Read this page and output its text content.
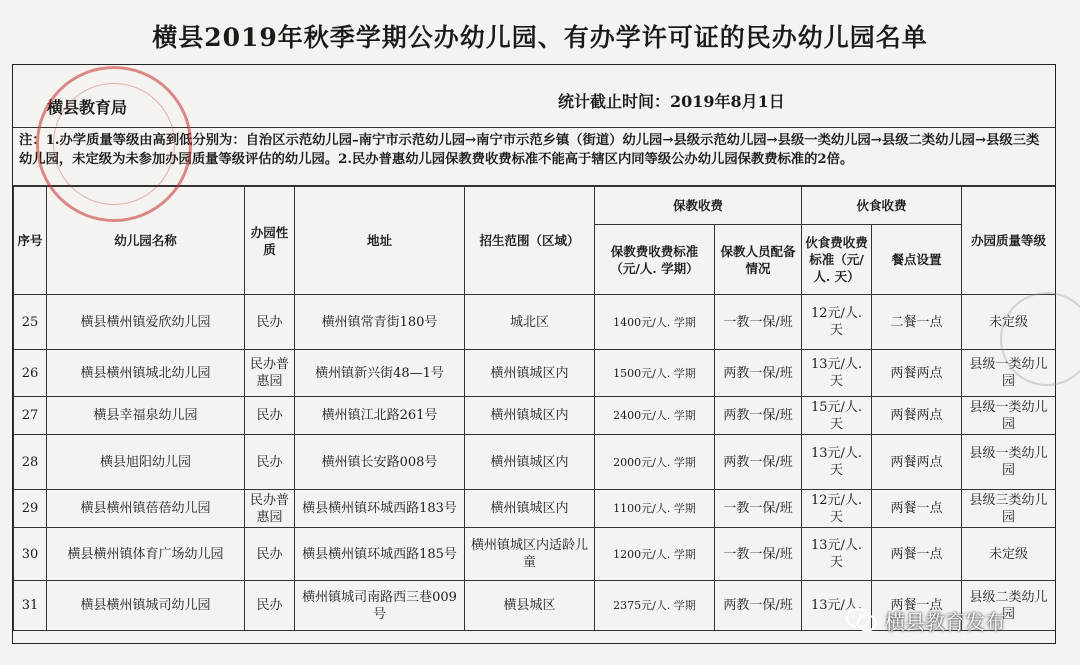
横县2019年秋季学期公办幼儿园、有办学许可证的民办幼儿园名单
横县教育局	统计截止时间：2019年8月1日
注：1.办学质量等级由高到低分别为：自治区示范幼儿园–南宁市示范幼儿园→南宁市示范乡镇（街道）幼儿园→县级示范幼儿园→县级一类幼儿园→县级二类幼儿园→县级三类幼儿园，未定级为未参加办园质量等级评估的幼儿园。2.民办普惠幼儿园保教费收费标准不能高于辖区内同等级公办幼儿园保教费标准的2倍。
序号	幼儿园名称	办园性质	地址	招生范围（区域）	保教收费		伙食收费		办园质量等级
					保教费收费标准（元/人. 学期）	保教人员配备情况	伙食费收费标准（元/人. 天）	餐点设置	
25	横县横州镇爱欣幼儿园	民办	横州镇常青街180号	城北区	1400元/人. 学期	一教一保/班	12元/人. 天	二餐一点	未定级
26	横县横州镇城北幼儿园	民办普惠园	横州镇新兴街48—1号	横州镇城区内	1500元/人. 学期	两教一保/班	13元/人. 天	两餐两点	县级一类幼儿园
27	横县幸福泉幼儿园	民办	横州镇江北路261号	横州镇城区内	2400元/人. 学期	两教一保/班	15元/人. 天	两餐两点	县级一类幼儿园
28	横县旭阳幼儿园	民办	横州镇长安路008号	横州镇城区内	2000元/人. 学期	两教一保/班	13元/人. 天	两餐两点	县级一类幼儿园
29	横县横州镇蓓蓓幼儿园	民办普惠园	横县横州镇环城西路183号	横州镇城区内	1100元/人. 学期	一教一保/班	12元/人. 天	两餐一点	县级三类幼儿园
30	横县横州镇体育广场幼儿园	民办	横县横州镇环城西路185号	横州镇城区内适龄儿童	1200元/人. 学期	一教一保/班	13元/人. 天	两餐一点	未定级
31	横县横州镇城司幼儿园	民办	横州镇城司南路西三巷009号	横县城区	2375元/人. 学期	两教一保/班	13元/人.	两餐一点	县级二类幼儿园
横县教育发布
